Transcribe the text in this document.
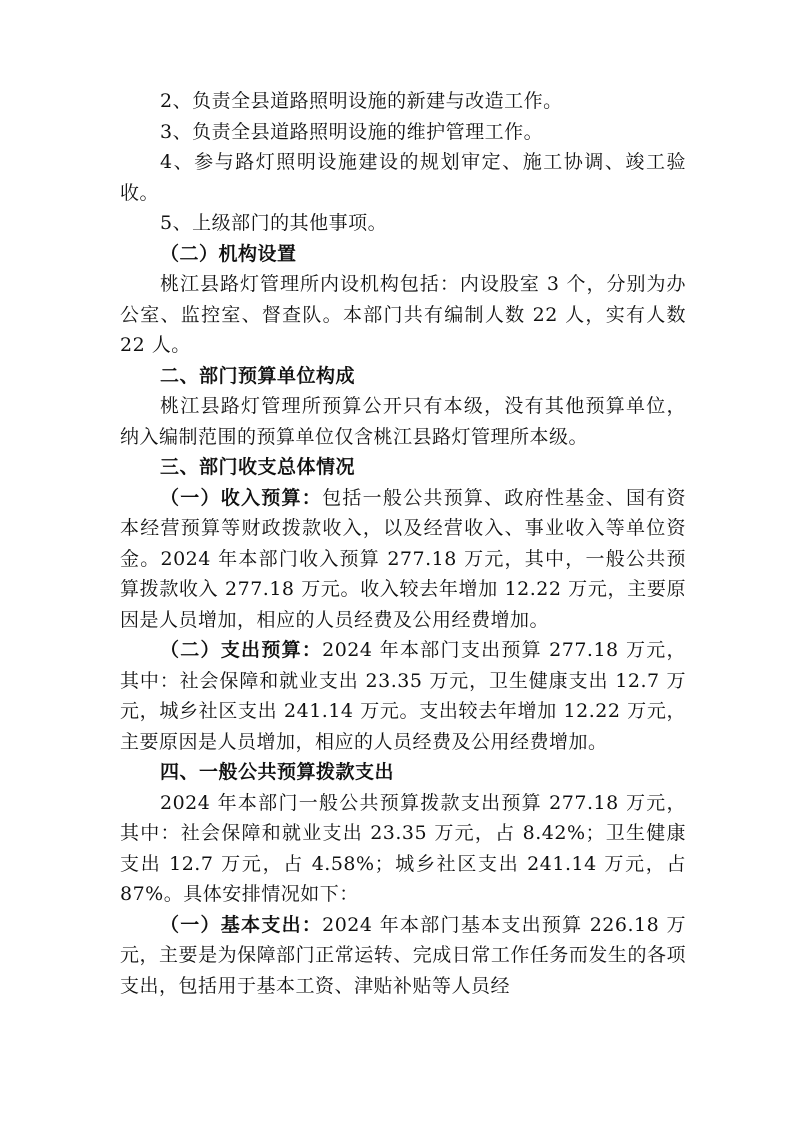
2、负责全县道路照明设施的新建与改造工作。

3、负责全县道路照明设施的维护管理工作。

4、参与路灯照明设施建设的规划审定、施工协调、竣工验收。

5、上级部门的其他事项。

（二）机构设置

桃江县路灯管理所内设机构包括：内设股室 3 个，分别为办公室、监控室、督查队。本部门共有编制人数 22 人，实有人数 22 人。

二、部门预算单位构成

桃江县路灯管理所预算公开只有本级，没有其他预算单位，纳入编制范围的预算单位仅含桃江县路灯管理所本级。

三、部门收支总体情况

（一）收入预算：包括一般公共预算、政府性基金、国有资本经营预算等财政拨款收入，以及经营收入、事业收入等单位资金。2024 年本部门收入预算 277.18 万元，其中，一般公共预算拨款收入 277.18 万元。收入较去年增加 12.22 万元，主要原因是人员增加，相应的人员经费及公用经费增加。

（二）支出预算：2024 年本部门支出预算 277.18 万元，其中：社会保障和就业支出 23.35 万元，卫生健康支出 12.7 万元，城乡社区支出 241.14 万元。支出较去年增加 12.22 万元，主要原因是人员增加，相应的人员经费及公用经费增加。

四、一般公共预算拨款支出

2024 年本部门一般公共预算拨款支出预算 277.18 万元，其中：社会保障和就业支出 23.35 万元，占 8.42%；卫生健康支出 12.7 万元，占 4.58%；城乡社区支出 241.14 万元，占 87%。具体安排情况如下：

（一）基本支出：2024 年本部门基本支出预算 226.18 万元，主要是为保障部门正常运转、完成日常工作任务而发生的各项支出，包括用于基本工资、津贴补贴等人员经
